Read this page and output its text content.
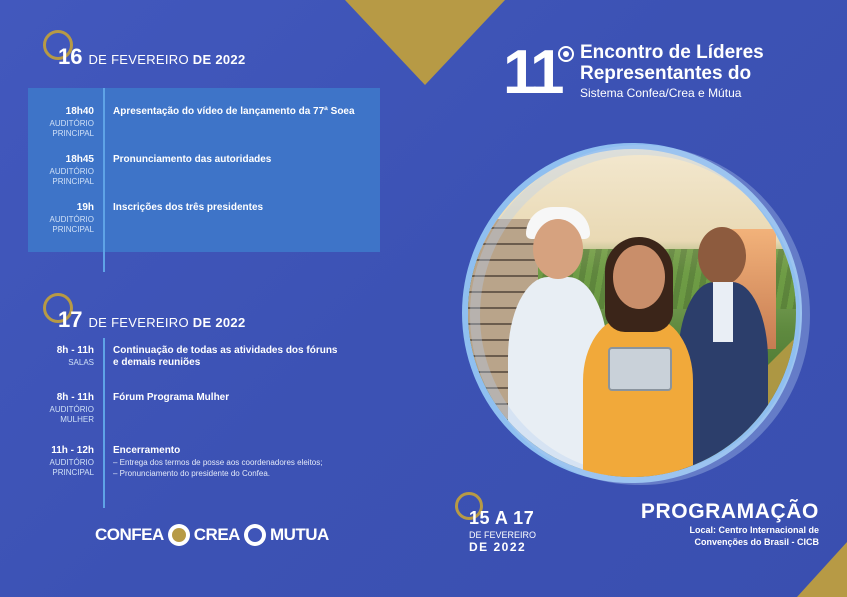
16 DE FEVEREIRO DE 2022
18h40
AUDITÓRIO
PRINCIPAL
Apresentação do vídeo de lançamento da 77ª Soea
18h45
AUDITÓRIO
PRINCIPAL
Pronunciamento das autoridades
19h
AUDITÓRIO
PRINCIPAL
Inscrições dos três presidentes
17 DE FEVEREIRO DE 2022
8h - 11h
SALAS
Continuação de todas as atividades dos fóruns
e demais reuniões
8h - 11h
AUDITÓRIO
MULHER
Fórum Programa Mulher
11h - 12h
AUDITÓRIO
PRINCIPAL
Encerramento
– Entrega dos termos de posse aos coordenadores eleitos;
– Pronunciamento do presidente do Confea.
CONFEA CREA MUTUA
11 Encontro de Líderes
Representantes do
Sistema Confea/Crea e Mútua
15 A 17
DE FEVEREIRO
DE 2022
PROGRAMAÇÃO
Local: Centro Internacional de
Convenções do Brasil - CICB
